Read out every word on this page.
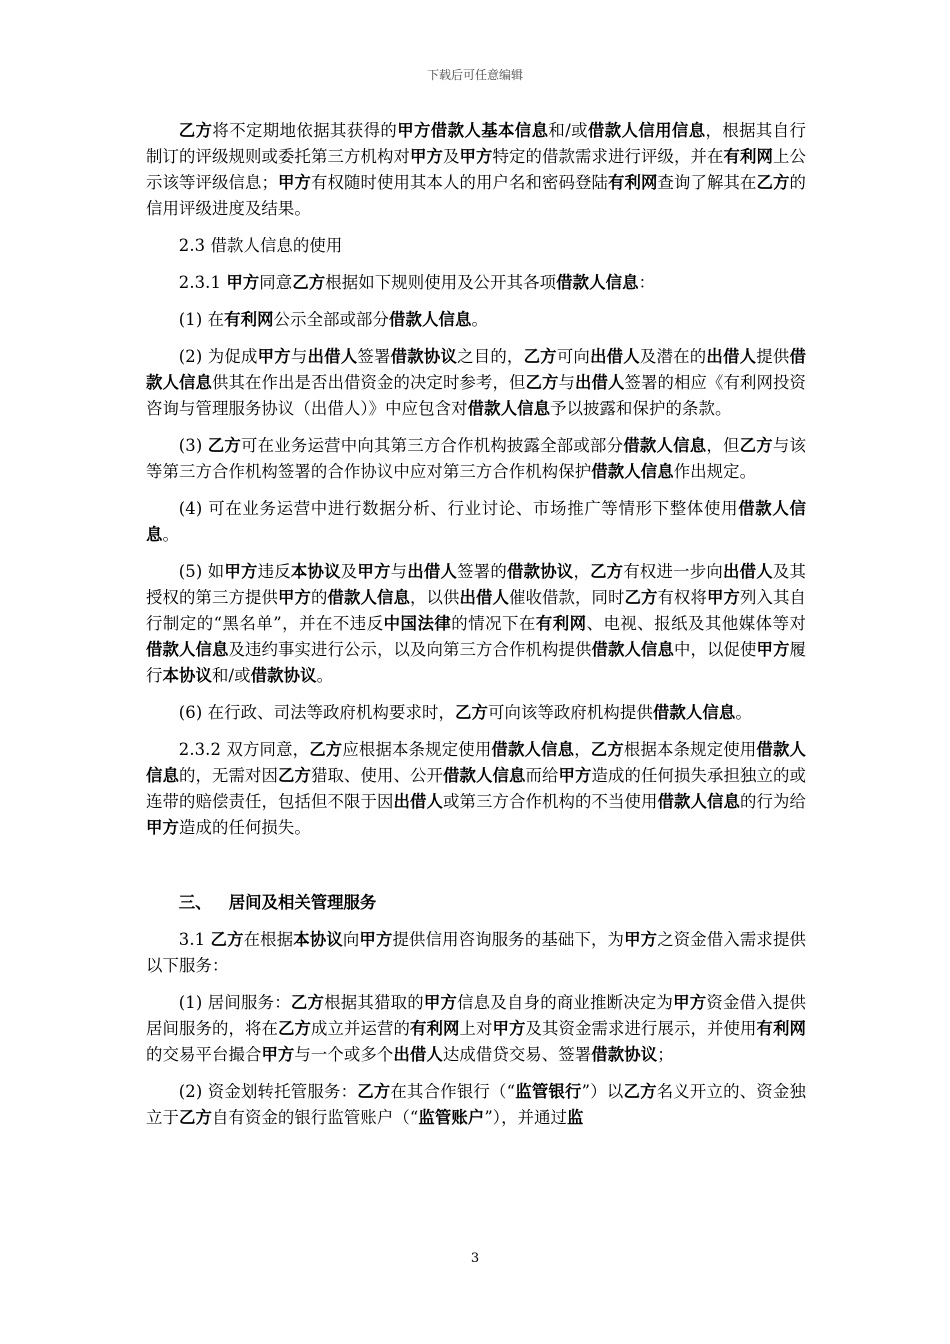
下载后可任意编辑

乙方将不定期地依据其获得的甲方借款人基本信息和/或借款人信用信息，根据其自行制订的评级规则或委托第三方机构对甲方及甲方特定的借款需求进行评级，并在有利网上公示该等评级信息；甲方有权随时使用其本人的用户名和密码登陆有利网查询了解其在乙方的信用评级进度及结果。

2.3 借款人信息的使用

2.3.1 甲方同意乙方根据如下规则使用及公开其各项借款人信息：

(1) 在有利网公示全部或部分借款人信息。

(2) 为促成甲方与出借人签署借款协议之目的，乙方可向出借人及潜在的出借人提供借款人信息供其在作出是否出借资金的决定时参考，但乙方与出借人签署的相应《有利网投资咨询与管理服务协议（出借人）》中应包含对借款人信息予以披露和保护的条款。

(3) 乙方可在业务运营中向其第三方合作机构披露全部或部分借款人信息，但乙方与该等第三方合作机构签署的合作协议中应对第三方合作机构保护借款人信息作出规定。

(4) 可在业务运营中进行数据分析、行业讨论、市场推广等情形下整体使用借款人信息。

(5) 如甲方违反本协议及甲方与出借人签署的借款协议，乙方有权进一步向出借人及其授权的第三方提供甲方的借款人信息，以供出借人催收借款，同时乙方有权将甲方列入其自行制定的“黑名单”，并在不违反中国法律的情况下在有利网、电视、报纸及其他媒体等对借款人信息及违约事实进行公示，以及向第三方合作机构提供借款人信息中，以促使甲方履行本协议和/或借款协议。

(6) 在行政、司法等政府机构要求时，乙方可向该等政府机构提供借款人信息。

2.3.2 双方同意，乙方应根据本条规定使用借款人信息，乙方根据本条规定使用借款人信息的，无需对因乙方猎取、使用、公开借款人信息而给甲方造成的任何损失承担独立的或连带的赔偿责任，包括但不限于因出借人或第三方合作机构的不当使用借款人信息的行为给甲方造成的任何损失。

三、 居间及相关管理服务

3.1 乙方在根据本协议向甲方提供信用咨询服务的基础下，为甲方之资金借入需求提供以下服务：

(1) 居间服务：乙方根据其猎取的甲方信息及自身的商业推断决定为甲方资金借入提供居间服务的，将在乙方成立并运营的有利网上对甲方及其资金需求进行展示，并使用有利网的交易平台撮合甲方与一个或多个出借人达成借贷交易、签署借款协议；

(2) 资金划转托管服务：乙方在其合作银行（“监管银行”）以乙方名义开立的、资金独立于乙方自有资金的银行监管账户（“监管账户”），并通过监

3
